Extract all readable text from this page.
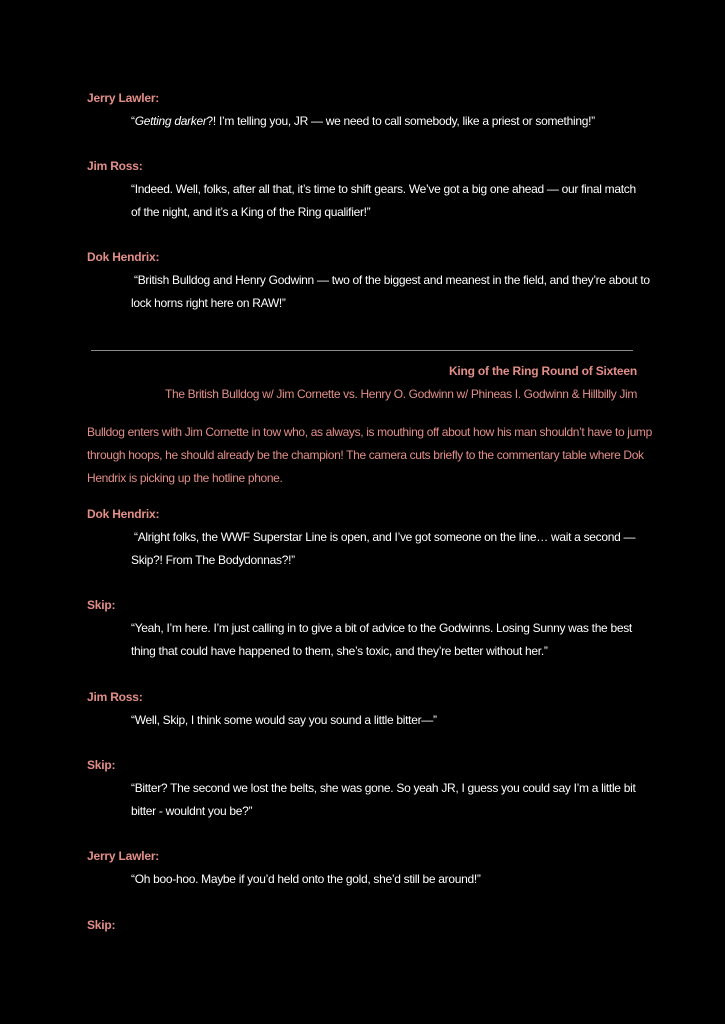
Jerry Lawler:
“Getting darker?! I’m telling you, JR — we need to call somebody, like a priest or something!”
Jim Ross:
“Indeed. Well, folks, after all that, it’s time to shift gears. We’ve got a big one ahead — our final match
of the night, and it’s a King of the Ring qualifier!”
Dok Hendrix:
“British Bulldog and Henry Godwinn — two of the biggest and meanest in the field, and they’re about to
lock horns right here on RAW!”
King of the Ring Round of Sixteen
The British Bulldog w/ Jim Cornette vs. Henry O. Godwinn w/ Phineas I. Godwinn & Hillbilly Jim
Bulldog enters with Jim Cornette in tow who, as always, is mouthing off about how his man shouldn’t have to jump
through hoops, he should already be the champion! The camera cuts briefly to the commentary table where Dok
Hendrix is picking up the hotline phone.
Dok Hendrix:
“Alright folks, the WWF Superstar Line is open, and I’ve got someone on the line… wait a second —
Skip?! From The Bodydonnas?!”
Skip:
“Yeah, I’m here. I’m just calling in to give a bit of advice to the Godwinns. Losing Sunny was the best
thing that could have happened to them, she’s toxic, and they’re better without her.”
Jim Ross:
“Well, Skip, I think some would say you sound a little bitter—”
Skip:
“Bitter? The second we lost the belts, she was gone. So yeah JR, I guess you could say I’m a little bit
bitter - wouldnt you be?”
Jerry Lawler:
“Oh boo-hoo. Maybe if you’d held onto the gold, she’d still be around!”
Skip:
